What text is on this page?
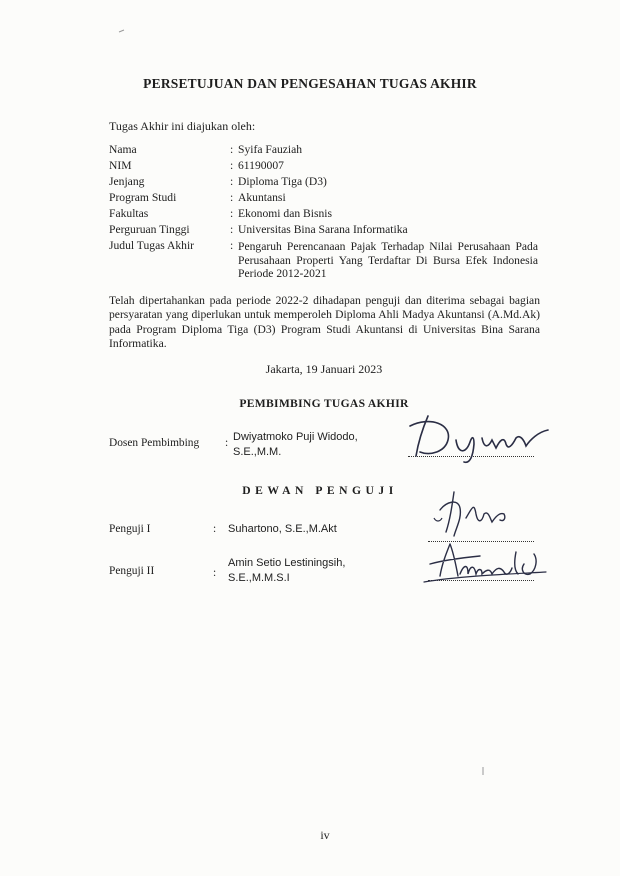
PERSETUJUAN DAN PENGESAHAN TUGAS AKHIR

Tugas Akhir ini diajukan oleh:

Nama	: Syifa Fauziah
NIM	: 61190007
Jenjang	: Diploma Tiga (D3)
Program Studi	: Akuntansi
Fakultas	: Ekonomi dan Bisnis
Perguruan Tinggi	: Universitas Bina Sarana Informatika
Judul Tugas Akhir	: Pengaruh Perencanaan Pajak Terhadap Nilai Perusahaan Pada Perusahaan Properti Yang Terdaftar Di Bursa Efek Indonesia Periode 2012-2021

Telah dipertahankan pada periode 2022-2 dihadapan penguji dan diterima sebagai bagian persyaratan yang diperlukan untuk memperoleh Diploma Ahli Madya Akuntansi (A.Md.Ak) pada Program Diploma Tiga (D3) Program Studi Akuntansi di Universitas Bina Sarana Informatika.

Jakarta, 19 Januari 2023

PEMBIMBING TUGAS AKHIR
Dosen Pembimbing : Dwiyatmoko Puji Widodo,
S.E.,M.M.
DEWAN PENGUJI
Penguji I	: Suhartono, S.E.,M.Akt
Penguji II	:
Amin Setio Lestiningsih,
S.E.,M.M.S.I
iv
